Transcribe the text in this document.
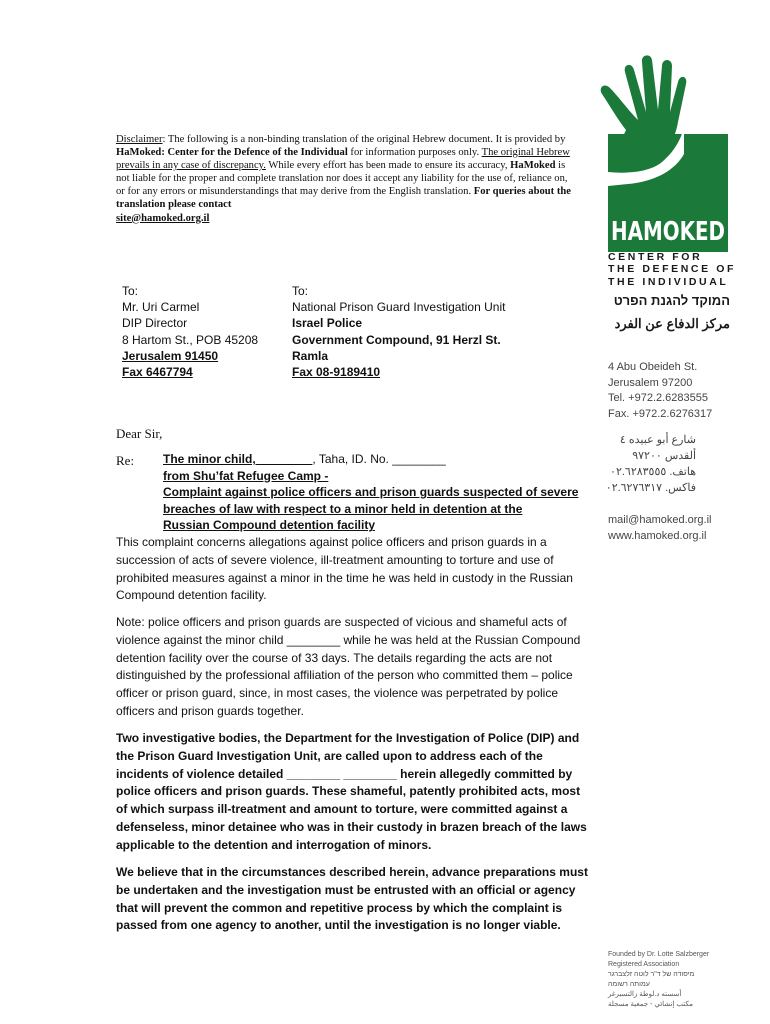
Disclaimer: The following is a non-binding translation of the original Hebrew document. It is provided by HaMoked: Center for the Defence of the Individual for information purposes only. The original Hebrew prevails in any case of discrepancy. While every effort has been made to ensure its accuracy, HaMoked is not liable for the proper and complete translation nor does it accept any liability for the use of, reliance on, or for any errors or misunderstandings that may derive from the English translation. For queries about the translation please contact
site@hamoked.org.il
To:
Mr. Uri Carmel
DIP Director
8 Hartom St., POB 45208
Jerusalem 91450
Fax 6467794
To:
National Prison Guard Investigation Unit
Israel Police
Government Compound, 91 Herzl St.
Ramla
Fax 08-9189410
Dear Sir,
Re: The minor child, ________, Taha, ID. No. ________
from Shu’fat Refugee Camp -
Complaint against police officers and prison guards suspected of severe
breaches of law with respect to a minor held in detention at the
Russian Compound detention facility
This complaint concerns allegations against police officers and prison guards in a succession of acts of severe violence, ill-treatment amounting to torture and use of prohibited measures against a minor in the time he was held in custody in the Russian Compound detention facility.
Note: police officers and prison guards are suspected of vicious and shameful acts of violence against the minor child ________ while he was held at the Russian Compound detention facility over the course of 33 days. The details regarding the acts are not distinguished by the professional affiliation of the person who committed them – police officer or prison guard, since, in most cases, the violence was perpetrated by police officers and prison guards together.
Two investigative bodies, the Department for the Investigation of Police (DIP) and the Prison Guard Investigation Unit, are called upon to address each of the incidents of violence detailed ________ ________ herein allegedly committed by police officers and prison guards. These shameful, patently prohibited acts, most of which surpass ill-treatment and amount to torture, were committed against a defenseless, minor detainee who was in their custody in brazen breach of the laws applicable to the detention and interrogation of minors.
We believe that in the circumstances described herein, advance preparations must be undertaken and the investigation must be entrusted with an official or agency that will prevent the common and repetitive process by which the complaint is passed from one agency to another, until the investigation is no longer viable.
HAMOKED
CENTER FOR
THE DEFENCE OF
THE INDIVIDUAL
המוקד להגנת הפרט
مركز الدفاع عن الفرد
4 Abu Obeideh St.
Jerusalem 97200
Tel. +972.2.6283555
Fax. +972.2.6276317
شارع أبو عبيده ٤
ألقدس ٩٧٢٠٠
هاتف. ٠٢.٦٢٨٣٥٥٥
فاكس. ٠٢.٦٢٧٦٣١٧
mail@hamoked.org.il
www.hamoked.org.il
Founded by Dr. Lotte Salzberger
Registered Association
מיסודה של ד"ר לוטה זלצברגר
עמותה רשומה
أسسته د.لوطة زالتسبرغر
مكتب إنشائي - جمعية مسجلة
